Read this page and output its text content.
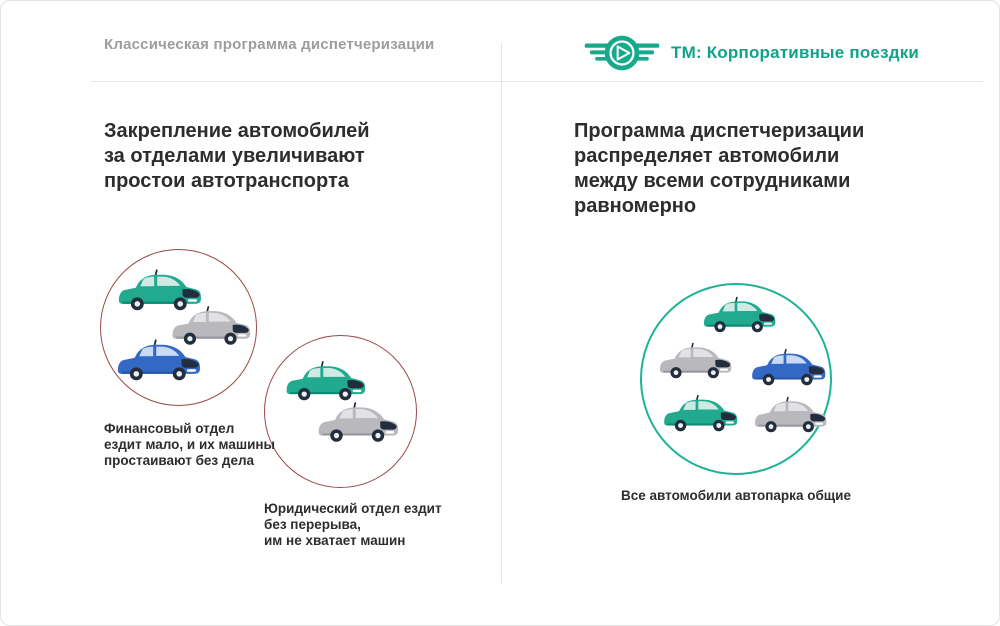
Классическая программа диспетчеризации	ТМ: Корпоративные поездки
Закрепление автомобилей
за отделами увеличивают
простои автотранспорта
Финансовый отдел
ездит мало, и их машины
простаивают без дела
Юридический отдел ездит
без перерыва,
им не хватает машин
Программа диспетчеризации
распределяет автомобили
между всеми сотрудниками
равномерно
Все автомобили автопарка общие
